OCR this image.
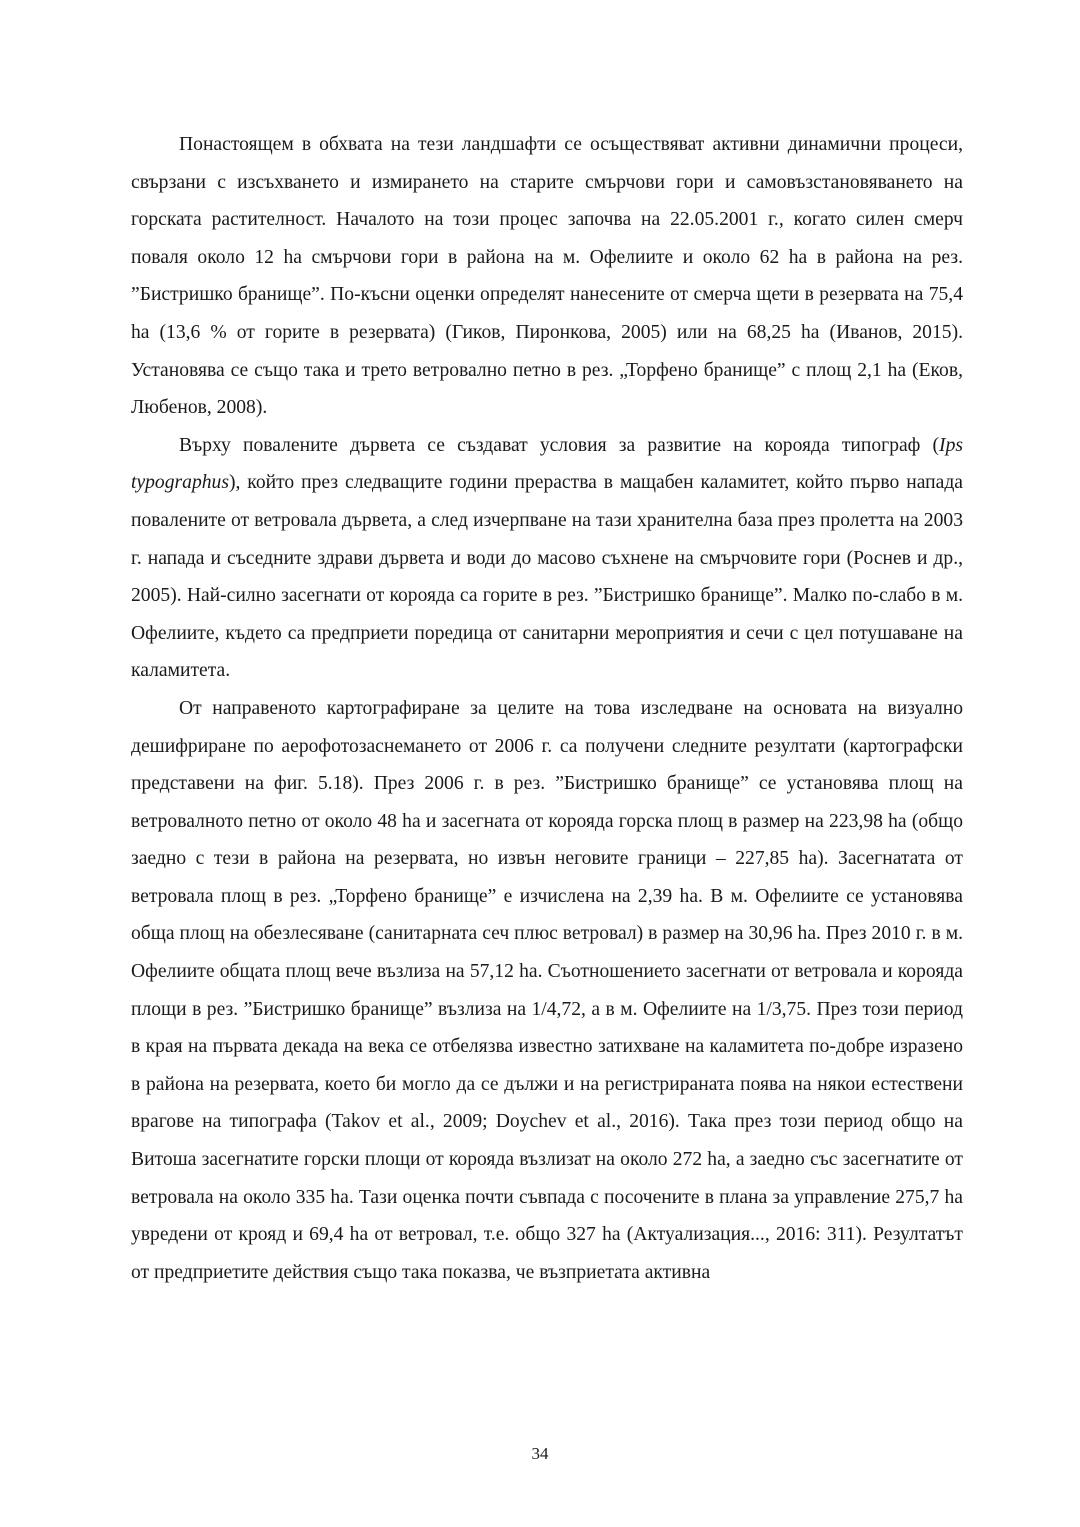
Понастоящем в обхвата на тези ландшафти се осъществяват активни динамични процеси, свързани с изсъхването и измирането на старите смърчови гори и самовъзстановяването на горската растителност. Началото на този процес започва на 22.05.2001 г., когато силен смерч поваля около 12 ha смърчови гори в района на м. Офелиите и около 62 ha в района на рез. ”Бистришко бранище”. По-късни оценки определят нанесените от смерча щети в резервата на 75,4 ha (13,6 % от горите в резервата) (Гиков, Пиронкова, 2005) или на 68,25 ha (Иванов, 2015). Установява се също така и трето ветровално петно в рез. „Торфено бранище” с площ 2,1 ha (Еков, Любенов, 2008).

Върху повалените дървета се създават условия за развитие на корояда типограф (Ips typographus), който през следващите години прераства в мащабен каламитет, който първо напада повалените от ветровала дървета, а след изчерпване на тази хранителна база през пролетта на 2003 г. напада и съседните здрави дървета и води до масово съхнене на смърчовите гори (Роснев и др., 2005). Най-силно засегнати от корояда са горите в рез. ”Бистришко бранище”. Малко по-слабо в м. Офелиите, където са предприети поредица от санитарни мероприятия и сечи с цел потушаване на каламитета.

От направеното картографиране за целите на това изследване на основата на визуално дешифриране по аерофотозаснемането от 2006 г. са получени следните резултати (картографски представени на фиг. 5.18). През 2006 г. в рез. ”Бистришко бранище” се установява площ на ветровалното петно от около 48 ha и засегната от корояда горска площ в размер на 223,98 ha (общо заедно с тези в района на резервата, но извън неговите граници – 227,85 ha). Засегнатата от ветровала площ в рез. „Торфено бранище” е изчислена на 2,39 ha. В м. Офелиите се установява обща площ на обезлесяване (санитарната сеч плюс ветровал) в размер на 30,96 ha. През 2010 г. в м. Офелиите общата площ вече възлиза на 57,12 ha. Съотношението засегнати от ветровала и корояда площи в рез. ”Бистришко бранище” възлиза на 1/4,72, а в м. Офелиите на 1/3,75. През този период в края на първата декада на века се отбелязва известно затихване на каламитета по-добре изразено в района на резервата, което би могло да се дължи и на регистрираната поява на някои естествени врагове на типографа (Takov et al., 2009; Doychev et al., 2016). Така през този период общо на Витоша засегнатите горски площи от корояда възлизат на около 272 ha, а заедно със засегнатите от ветровала на около 335 ha. Тази оценка почти съвпада с посочените в плана за управление 275,7 ha увредени от крояд и 69,4 ha от ветровал, т.е. общо 327 ha (Актуализация..., 2016: 311). Резултатът от предприетите действия също така показва, че възприетата активна

34
